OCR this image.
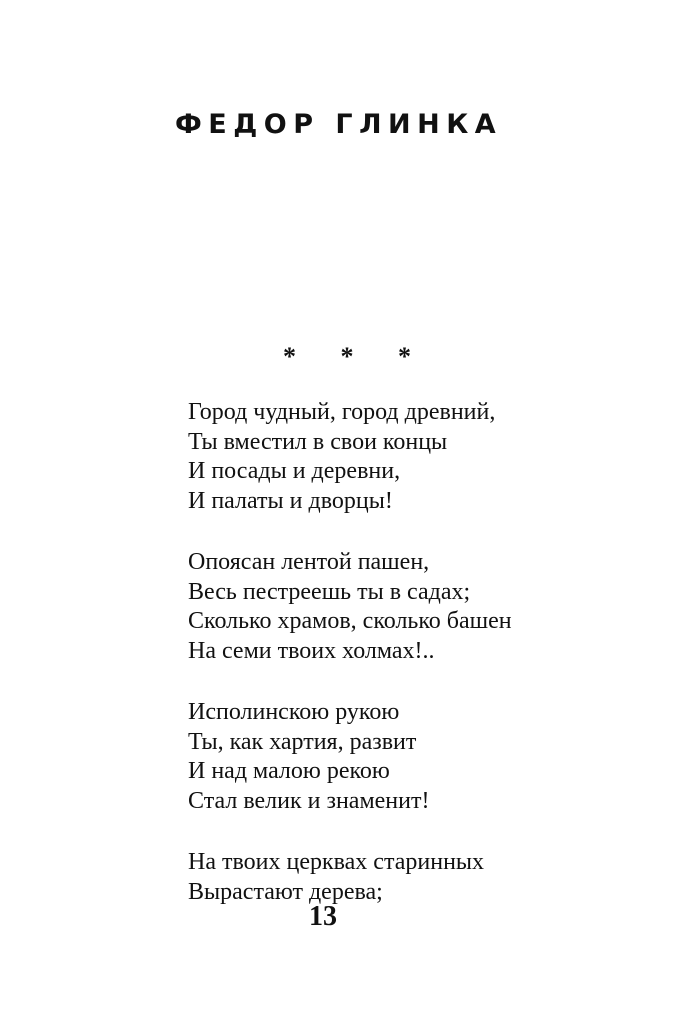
ФЕДОР ГЛИНКА
* * *
Город чудный, город древний,
Ты вместил в свои концы
И посады и деревни,
И палаты и дворцы!
Опоясан лентой пашен,
Весь пестреешь ты в садах;
Сколько храмов, сколько башен
На семи твоих холмах!..
Исполинскою рукою
Ты, как хартия, развит
И над малою рекою
Стал велик и знаменит!
На твоих церквах старинных
Вырастают дерева;
13
